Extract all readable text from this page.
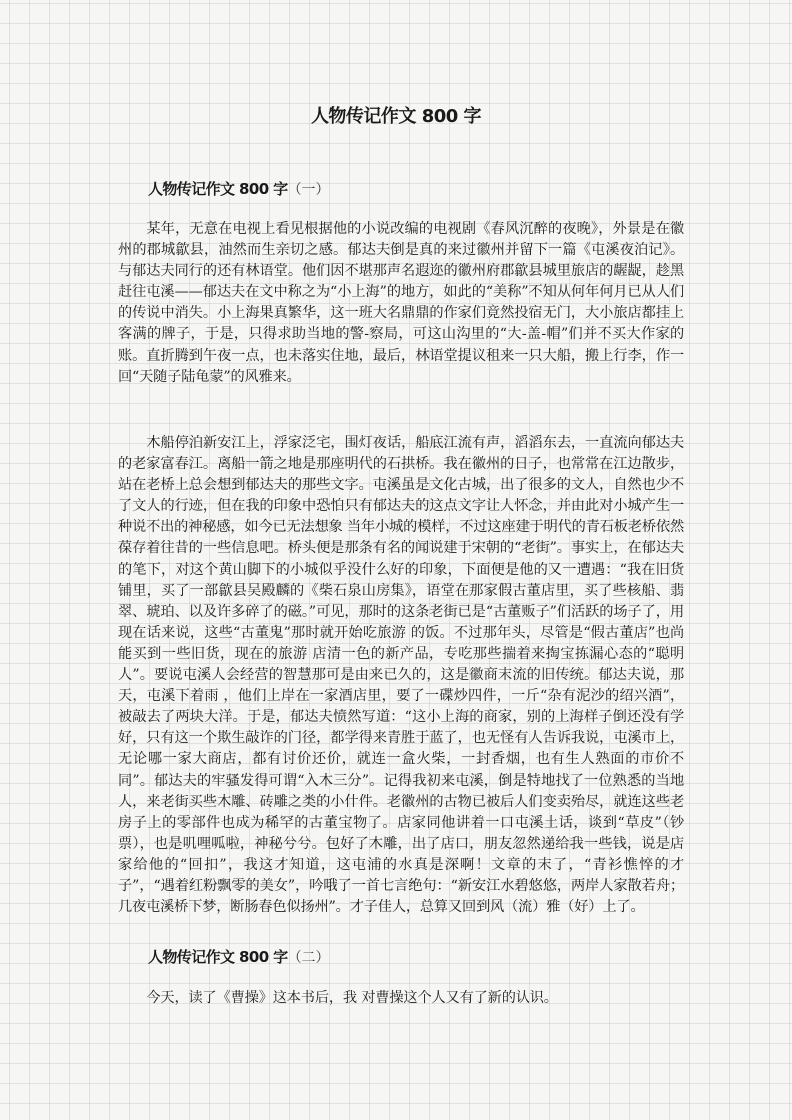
人物传记作文 800 字
人物传记作文 800 字（一）

某年，无意在电视上看见根据他的小说改编的电视剧《春风沉醉的夜晚》，外景是在徽州的郡城歙县，油然而生亲切之感。郁达夫倒是真的来过徽州并留下一篇《屯溪夜泊记》。与郁达夫同行的还有林语堂。他们因不堪那声名遐迩的徽州府郡歙县城里旅店的龌龊，趁黑赶往屯溪——郁达夫在文中称之为“小上海”的地方，如此的“美称”不知从何年何月已从人们的传说中消失。小上海果真繁华，这一班大名鼎鼎的作家们竟然投宿无门，大小旅店都挂上客满的牌子，于是，只得求助当地的警-察局，可这山沟里的“大-盖-帽”们并不买大作家的账。直折腾到午夜一点，也未落实住地，最后，林语堂提议租来一只大船，搬上行李，作一回“天随子陆龟蒙”的风雅来。

木船停泊新安江上，浮家泛宅，围灯夜话，船底江流有声，滔滔东去，一直流向郁达夫的老家富春江。离船一箭之地是那座明代的石拱桥。我在徽州的日子，也常常在江边散步，站在老桥上总会想到郁达夫的那些文字。屯溪虽是文化古城，出了很多的文人，自然也少不了文人的行迹，但在我的印象中恐怕只有郁达夫的这点文字让人怀念，并由此对小城产生一种说不出的神秘感，如今已无法想象 当年小城的模样，不过这座建于明代的青石板老桥依然葆存着往昔的一些信息吧。桥头便是那条有名的闻说建于宋朝的“老街”。事实上，在郁达夫的笔下，对这个黄山脚下的小城似乎没什么好的印象，下面便是他的又一遭遇：“我在旧货铺里，买了一部歙县吴殿麟的《柴石泉山房集》，语堂在那家假古董店里，买了些核船、翡翠、琥珀、以及许多碎了的磁。”可见，那时的这条老街已是“古董贩子”们活跃的场子了，用现在话来说，这些“古董鬼”那时就开始吃旅游 的饭。不过那年头，尽管是“假古董店”也尚能买到一些旧货，现在的旅游 店清一色的新产品，专吃那些揣着来掏宝拣漏心态的“聪明人”。要说屯溪人会经营的智慧那可是由来已久的，这是徽商末流的旧传统。郁达夫说，那天，屯溪下着雨 ，他们上岸在一家酒店里，要了一碟炒四件，一斤“杂有泥沙的绍兴酒”，被敲去了两块大洋。于是，郁达夫愤然写道：“这小上海的商家，别的上海样子倒还没有学好，只有这一个欺生敲诈的门径，都学得来青胜于蓝了，也无怪有人告诉我说，屯溪市上，无论哪一家大商店，都有讨价还价，就连一盒火柴，一封香烟，也有生人熟面的市价不同”。郁达夫的牢骚发得可谓“入木三分”。记得我初来屯溪，倒是特地找了一位熟悉的当地人，来老街买些木雕、砖雕之类的小什件。老徽州的古物已被后人们变卖殆尽，就连这些老房子上的零部件也成为稀罕的古董宝物了。店家同他讲着一口屯溪土话，谈到“草皮”（钞票），也是叽哩呱啦，神秘兮兮。包好了木雕，出了店口，朋友忽然递给我一些钱，说是店家给他的“回扣”，我这才知道，这屯浦的水真是深啊！文章的末了，“青衫憔悴的才子”，“遇着红粉飘零的美女”，吟哦了一首七言绝句：“新安江水碧悠悠，两岸人家散若舟；几夜屯溪桥下梦，断肠春色似扬州”。才子佳人，总算又回到风（流）雅（好）上了。

人物传记作文 800 字（二）

今天，读了《曹操》这本书后，我 对曹操这个人又有了新的认识。
